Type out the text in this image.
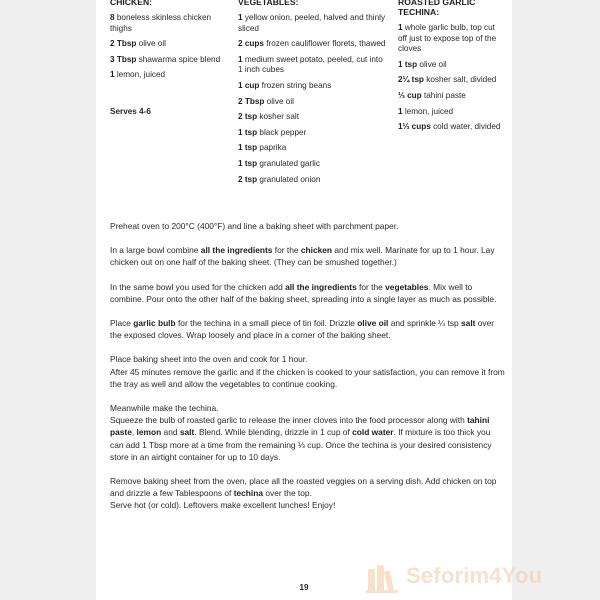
CHICKEN:
8 boneless skinless chicken thighs
2 Tbsp olive oil
3 Tbsp shawarma spice blend
1 lemon, juiced
Serves 4-6
VEGETABLES:
1 yellow onion, peeled, halved and thinly sliced
2 cups frozen cauliflower florets, thawed
1 medium sweet potato, peeled, cut into 1 inch cubes
1 cup frozen string beans
2 Tbsp olive oil
2 tsp kosher salt
1 tsp black pepper
1 tsp paprika
1 tsp granulated garlic
2 tsp granulated onion
ROASTED GARLIC TECHINA:
1 whole garlic bulb, top cut off just to expose top of the cloves
1 tsp olive oil
2¼ tsp kosher salt, divided
⅓ cup tahini paste
1 lemon, juiced
1⅓ cups cold water, divided

Preheat oven to 200°C (400°F) and line a baking sheet with parchment paper.

In a large bowl combine all the ingredients for the chicken and mix well. Marinate for up to 1 hour. Lay chicken out on one half of the baking sheet. (They can be smushed together.)

In the same bowl you used for the chicken add all the ingredients for the vegetables. Mix well to combine. Pour onto the other half of the baking sheet, spreading into a single layer as much as possible.

Place garlic bulb for the techina in a small piece of tin foil. Drizzle olive oil and sprinkle ¼ tsp salt over the exposed cloves. Wrap loosely and place in a corner of the baking sheet.

Place baking sheet into the oven and cook for 1 hour.
After 45 minutes remove the garlic and if the chicken is cooked to your satisfaction, you can remove it from the tray as well and allow the vegetables to continue cooking.

Meanwhile make the techina.
Squeeze the bulb of roasted garlic to release the inner cloves into the food processor along with tahini paste, lemon and salt. Blend. While blending, drizzle in 1 cup of cold water. If mixture is too thick you can add 1 Tbsp more at a time from the remaining ⅓ cup. Once the techina is your desired consistency store in an airtight container for up to 10 days.

Remove baking sheet from the oven, place all the roasted veggies on a serving dish. Add chicken on top and drizzle a few Tablespoons of techina over the top.
Serve hot (or cold). Leftovers make excellent lunches! Enjoy!

19	Seforim4You
